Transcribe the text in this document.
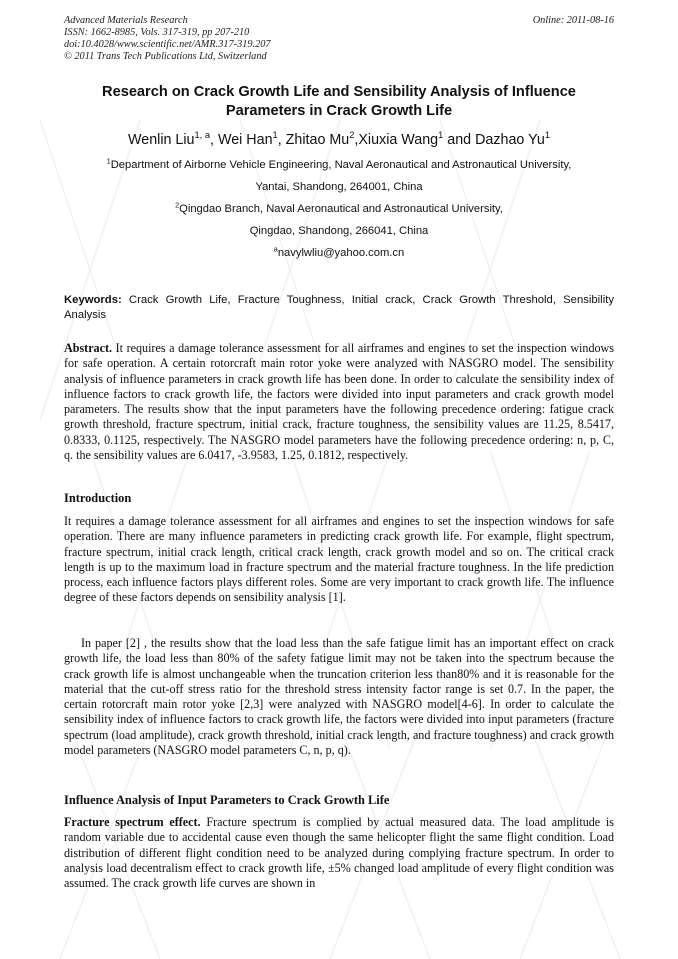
Advanced Materials Research
ISSN: 1662-8985, Vols. 317-319, pp 207-210
doi:10.4028/www.scientific.net/AMR.317-319.207
© 2011 Trans Tech Publications Ltd, Switzerland
Online: 2011-08-16
Research on Crack Growth Life and Sensibility Analysis of Influence
Parameters in Crack Growth Life
Wenlin Liu$^{1, a}$, Wei Han$^1$, Zhitao Mu$^2$,Xiuxia Wang$^1$ and Dazhao Yu$^1$
$^1$Department of Airborne Vehicle Engineering, Naval Aeronautical and Astronautical University,
Yantai, Shandong, 264001, China
$^2$Qingdao Branch, Naval Aeronautical and Astronautical University,
Qingdao, Shandong, 266041, China
$^a$navylwliu@yahoo.com.cn
Keywords: Crack Growth Life, Fracture Toughness, Initial crack, Crack Growth Threshold, Sensibility Analysis
Abstract. It requires a damage tolerance assessment for all airframes and engines to set the inspection windows for safe operation. A certain rotorcraft main rotor yoke were analyzed with NASGRO model. The sensibility analysis of influence parameters in crack growth life has been done. In order to calculate the sensibility index of influence factors to crack growth life, the factors were divided into input parameters and crack growth model parameters. The results show that the input parameters have the following precedence ordering: fatigue crack growth threshold, fracture spectrum, initial crack, fracture toughness, the sensibility values are 11.25, 8.5417, 0.8333, 0.1125, respectively. The NASGRO model parameters have the following precedence ordering: n, p, C, q. the sensibility values are 6.0417, -3.9583, 1.25, 0.1812, respectively.
Introduction
It requires a damage tolerance assessment for all airframes and engines to set the inspection windows for safe operation. There are many influence parameters in predicting crack growth life. For example, flight spectrum, fracture spectrum, initial crack length, critical crack length, crack growth model and so on. The critical crack length is up to the maximum load in fracture spectrum and the material fracture toughness. In the life prediction process, each influence factors plays different roles. Some are very important to crack growth life. The influence degree of these factors depends on sensibility analysis [1].
In paper [2] , the results show that the load less than the safe fatigue limit has an important effect on crack growth life, the load less than 80% of the safety fatigue limit may not be taken into the spectrum because the crack growth life is almost unchangeable when the truncation criterion less than80% and it is reasonable for the material that the cut-off stress ratio for the threshold stress intensity factor range is set 0.7. In the paper, the certain rotorcraft main rotor yoke [2,3] were analyzed with NASGRO model[4-6]. In order to calculate the sensibility index of influence factors to crack growth life, the factors were divided into input parameters (fracture spectrum (load amplitude), crack growth threshold, initial crack length, and fracture toughness) and crack growth model parameters (NASGRO model parameters C, n, p, q).
Influence Analysis of Input Parameters to Crack Growth Life
Fracture spectrum effect. Fracture spectrum is complied by actual measured data. The load amplitude is random variable due to accidental cause even though the same helicopter flight the same flight condition. Load distribution of different flight condition need to be analyzed during complying fracture spectrum. In order to analysis load decentralism effect to crack growth life, ±5% changed load amplitude of every flight condition was assumed. The crack growth life curves are shown in
